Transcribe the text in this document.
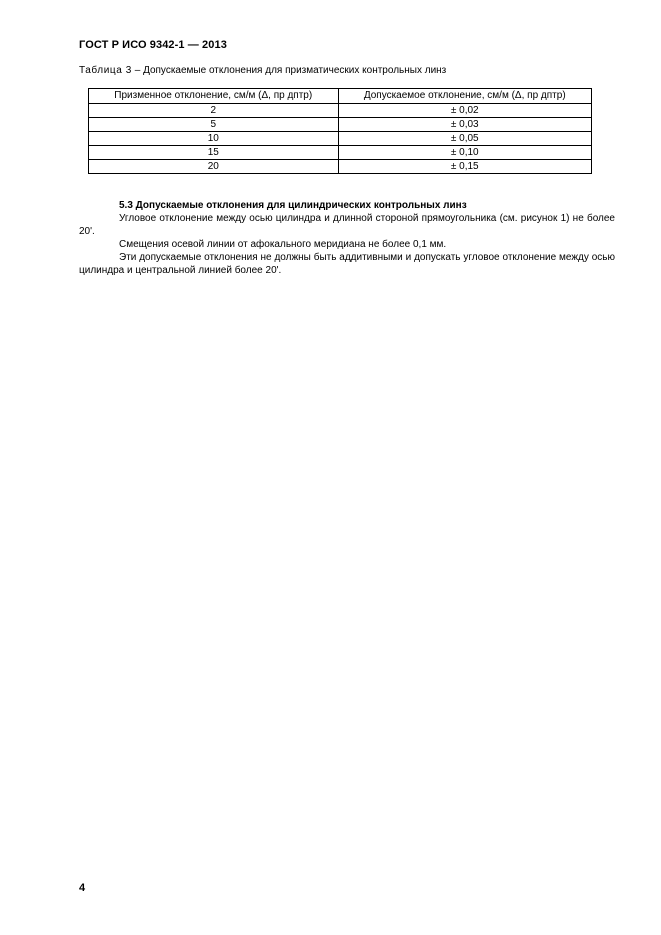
ГОСТ Р ИСО 9342-1 — 2013
Таблица 3 – Допускаемые отклонения для призматических контрольных линз
Призменное отклонение, см/м (Δ, пр дптр)	Допускаемое отклонение, см/м (Δ, пр дптр)
2	± 0,02
5	± 0,03
10	± 0,05
15	± 0,10
20	± 0,15
5.3 Допускаемые отклонения для цилиндрических контрольных линз

Угловое отклонение между осью цилиндра и длинной стороной прямоугольника (см. рисунок 1) не более 20'.

Смещения осевой линии от афокального меридиана не более 0,1 мм.

Эти допускаемые отклонения не должны быть аддитивными и допускать угловое отклонение между осью цилиндра и центральной линией более 20'.

4
